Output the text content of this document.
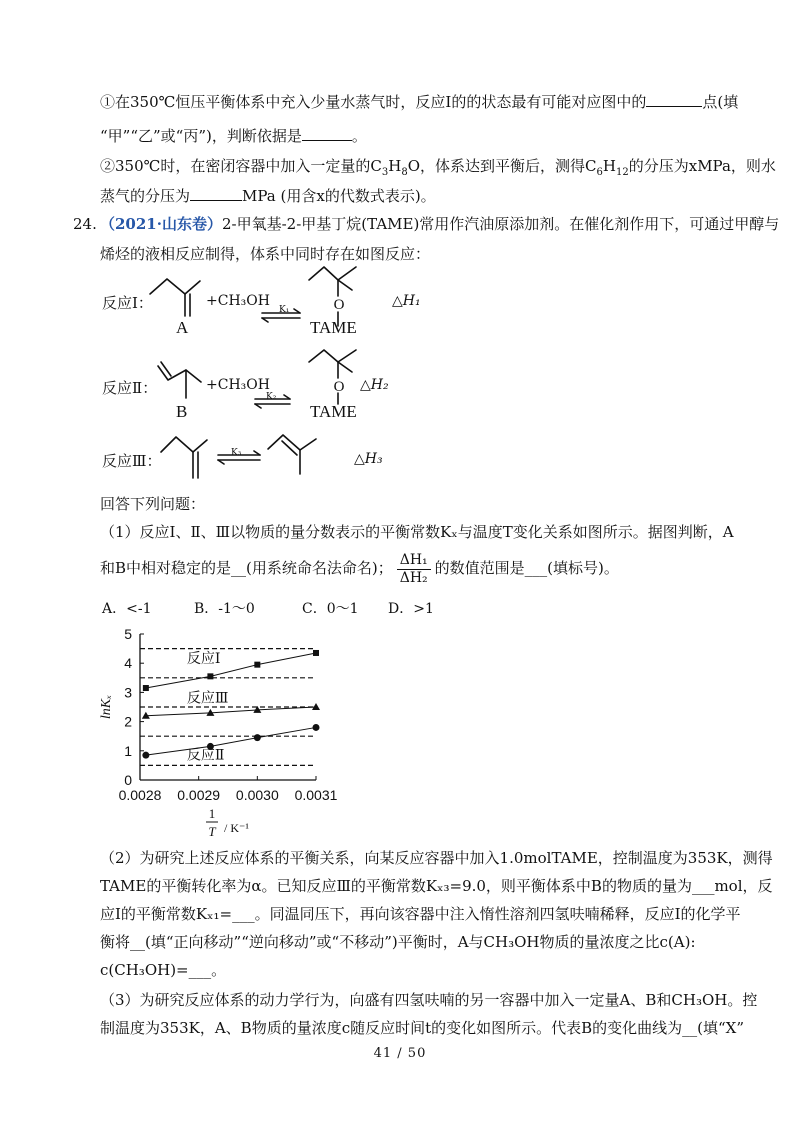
①在350℃恒压平衡体系中充入少量水蒸气时，反应Ⅰ的的状态最有可能对应图中的	点(填
“甲”“乙”或“丙”)，判断依据是	。
②350℃时，在密闭容器中加入一定量的$C_3H_8O$，体系达到平衡后，测得$C_6H_{12}$的分压为xMPa，则水
蒸气的分压为	MPa (用含x的代数式表示)。
24. （2021·山东卷）2-甲氧基-2-甲基丁烷(TAME)常用作汽油原添加剂。在催化剂作用下，可通过甲醇与
烯烃的液相反应制得，体系中同时存在如图反应：
反应Ⅰ：	+CH₃OH
A	TAME
△H₁
K₁
反应Ⅱ：	+CH₃OH
B	TAME
△H₂
K₂
反应Ⅲ：	△H₃
K₃
O
O
回答下列问题：
（1）反应Ⅰ、Ⅱ、Ⅲ以物质的量分数表示的平衡常数Kₓ与温度T变化关系如图所示。据图判断，A
和B中相对稳定的是__(用系统命名法命名)； $\frac{\text{ΔH₁}}{\text{ΔH₂}}$ 的数值范围是___(填标号)。
A．<-1	B．-1～0	C．0～1 D．>1
0
1
2
3
4
5
0.0028 0.0029 0.0030 0.0031
lnKₓ
1
T / K⁻¹
反应Ⅰ
反应Ⅲ
反应Ⅱ
（2）为研究上述反应体系的平衡关系，向某反应容器中加入1.0molTAME，控制温度为353K，测得
TAME的平衡转化率为α。已知反应Ⅲ的平衡常数Kₓ₃=9.0，则平衡体系中B的物质的量为___mol，反
应Ⅰ的平衡常数Kₓ₁=___。同温同压下，再向该容器中注入惰性溶剂四氢呋喃稀释，反应Ⅰ的化学平
衡将__(填“正向移动”“逆向移动”或“不移动”)平衡时，A与CH₃OH物质的量浓度之比c(A):
c(CH₃OH)=___。
（3）为研究反应体系的动力学行为，向盛有四氢呋喃的另一容器中加入一定量A、B和CH₃OH。控
制温度为353K，A、B物质的量浓度c随反应时间t的变化如图所示。代表B的变化曲线为__(填“X”
41 / 50
